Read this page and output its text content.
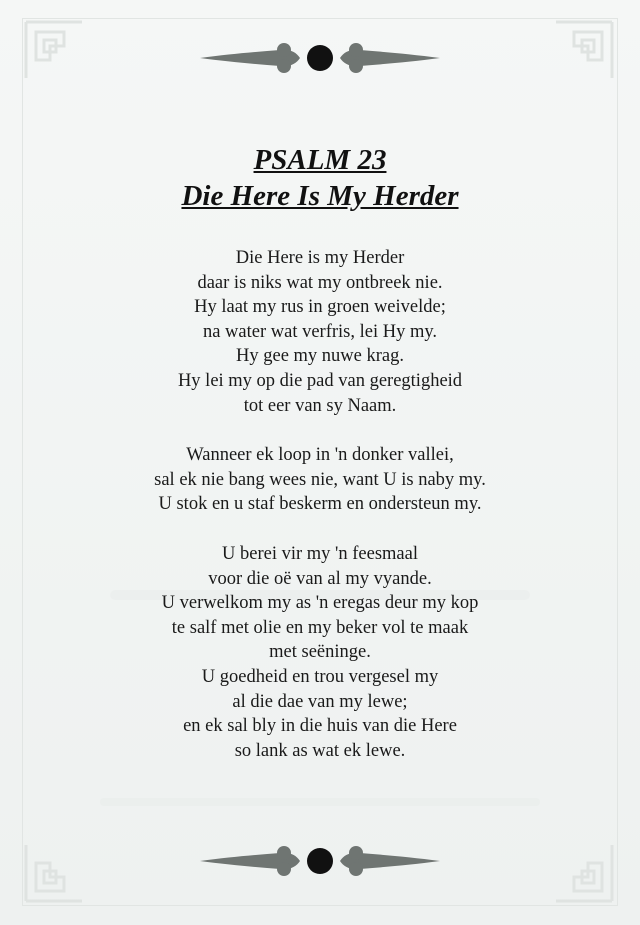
PSALM 23
Die Here Is My Herder
Die Here is my Herder
daar is niks wat my ontbreek nie.
Hy laat my rus in groen weivelde;
na water wat verfris, lei Hy my.
Hy gee my nuwe krag.
Hy lei my op die pad van geregtigheid
tot eer van sy Naam.
Wanneer ek loop in 'n donker vallei,
sal ek nie bang wees nie, want U is naby my.
U stok en u staf beskerm en ondersteun my.
U berei vir my 'n feesmaal
voor die oë van al my vyande.
U verwelkom my as 'n eregas deur my kop
te salf met olie en my beker vol te maak
met seëninge.
U goedheid en trou vergesel my
al die dae van my lewe;
en ek sal bly in die huis van die Here
so lank as wat ek lewe.
